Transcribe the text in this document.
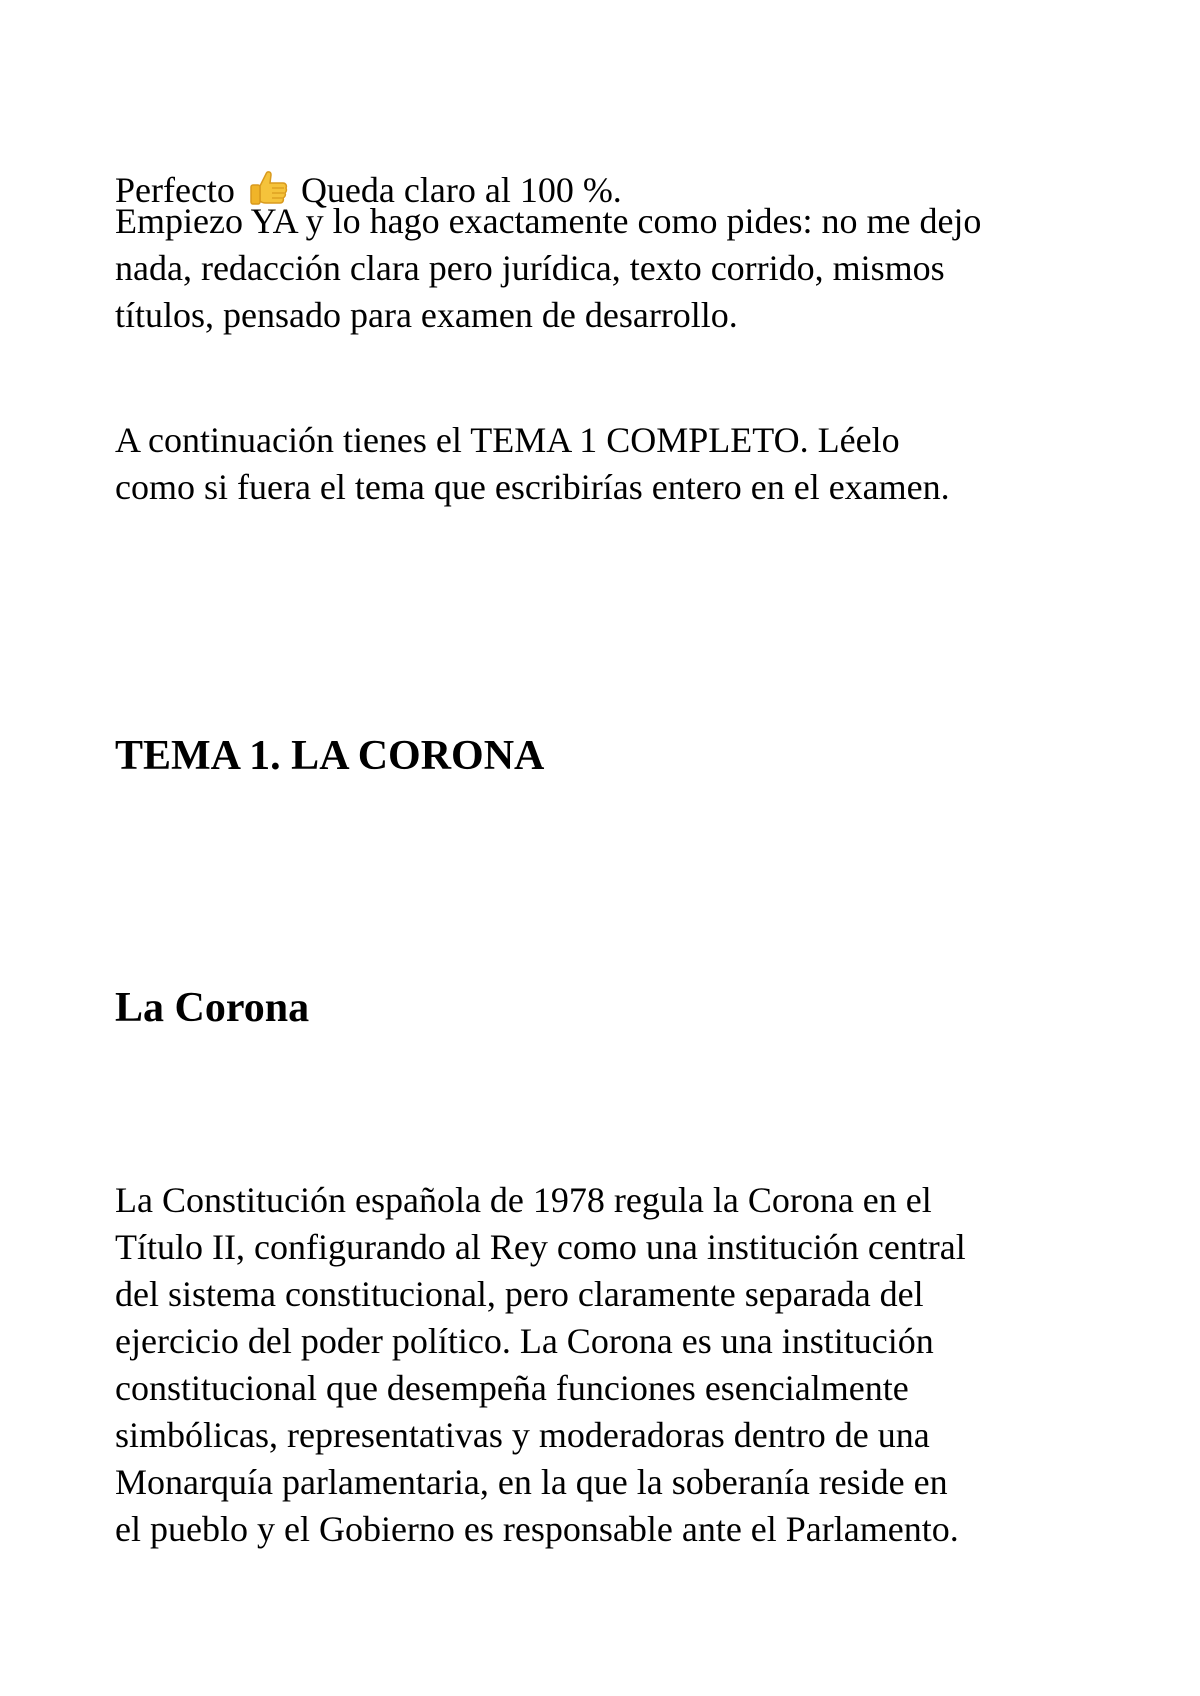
Perfecto  Queda claro al 100 %.

Empiezo YA y lo hago exactamente como pides: no me dejo
nada, redacción clara pero jurídica, texto corrido, mismos
títulos, pensado para examen de desarrollo.

A continuación tienes el TEMA 1 COMPLETO. Léelo
como si fuera el tema que escribirías entero en el examen.

TEMA 1. LA CORONA
La Corona

La Constitución española de 1978 regula la Corona en el
Título II, configurando al Rey como una institución central
del sistema constitucional, pero claramente separada del
ejercicio del poder político. La Corona es una institución
constitucional que desempeña funciones esencialmente
simbólicas, representativas y moderadoras dentro de una
Monarquía parlamentaria, en la que la soberanía reside en
el pueblo y el Gobierno es responsable ante el Parlamento.
